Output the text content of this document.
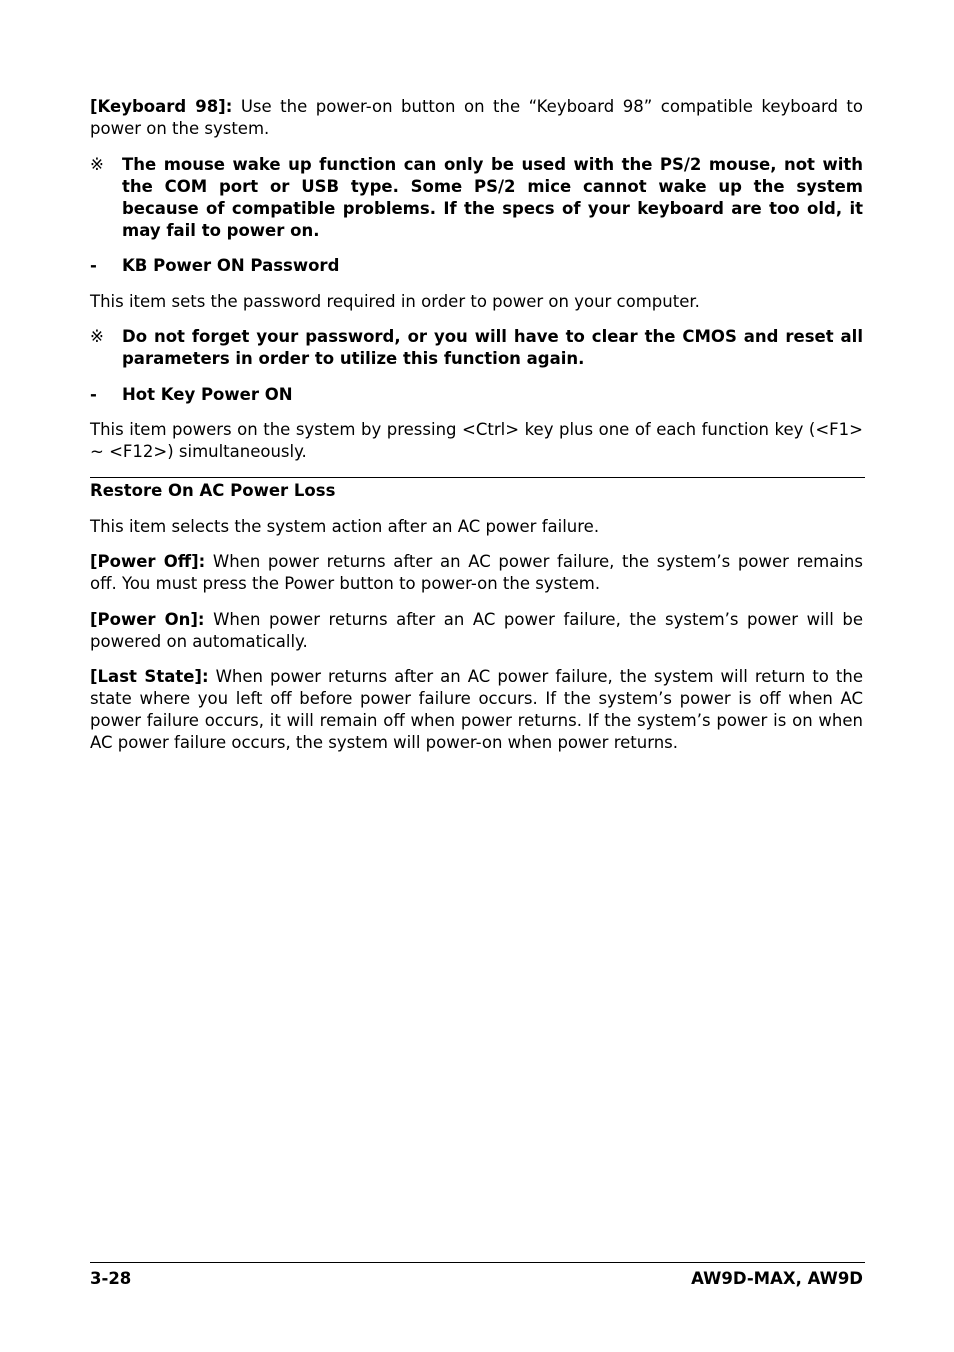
[Keyboard 98]: Use the power-on button on the “Keyboard 98” compatible keyboard to power on the system.

※	The mouse wake up function can only be used with the PS/2 mouse, not with the COM port or USB type. Some PS/2 mice cannot wake up the system because of compatible problems. If the specs of your keyboard are too old, it may fail to power on.
-	KB Power ON Password

This item sets the password required in order to power on your computer.

※	Do not forget your password, or you will have to clear the CMOS and reset all parameters in order to utilize this function again.
-	Hot Key Power ON

This item powers on the system by pressing <Ctrl> key plus one of each function key (<F1> ~ <F12>) simultaneously.

Restore On AC Power Loss

This item selects the system action after an AC power failure.

[Power Off]: When power returns after an AC power failure, the system’s power remains off. You must press the Power button to power-on the system.

[Power On]: When power returns after an AC power failure, the system’s power will be powered on automatically.

[Last State]: When power returns after an AC power failure, the system will return to the state where you left off before power failure occurs. If the system’s power is off when AC power failure occurs, it will remain off when power returns. If the system’s power is on when AC power failure occurs, the system will power-on when power returns.

3-28	AW9D-MAX, AW9D
